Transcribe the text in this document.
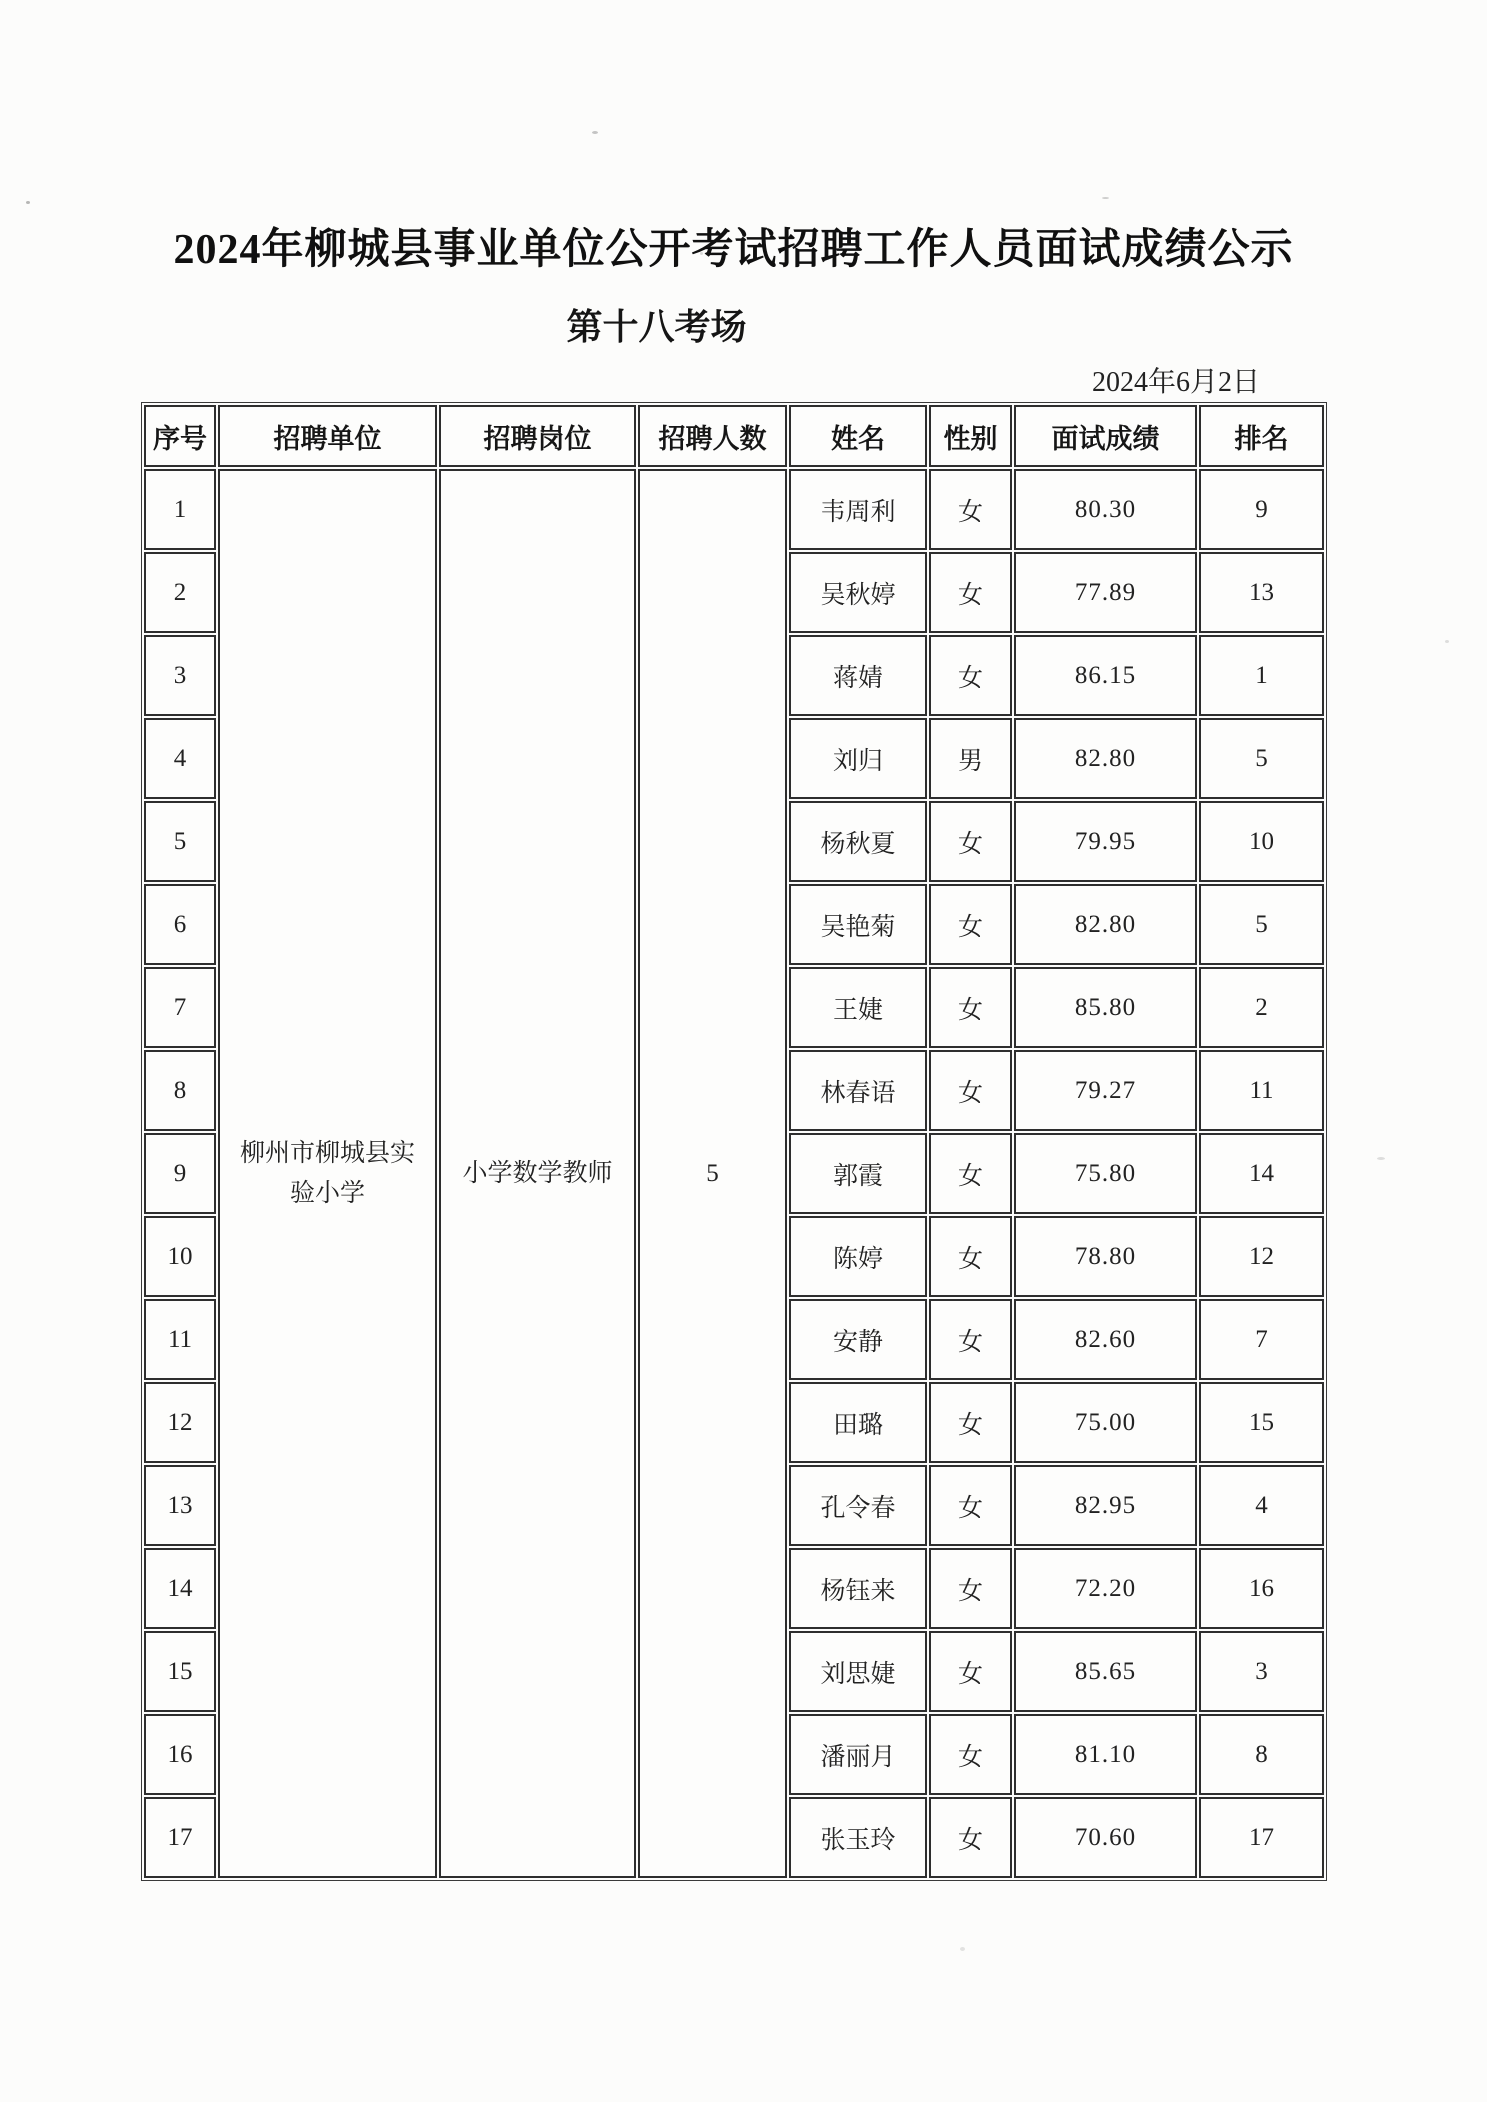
2024年柳城县事业单位公开考试招聘工作人员面试成绩公示
第十八考场
2024年6月2日
序号	招聘单位	招聘岗位	招聘人数	姓名	性别	面试成绩	排名
1	柳州市柳城县实验小学	小学数学教师	5	韦周利	女	80.30	9
2				吴秋婷	女	77.89	13
3				蒋婧	女	86.15	1
4				刘归	男	82.80	5
5				杨秋夏	女	79.95	10
6				吴艳菊	女	82.80	5
7				王婕	女	85.80	2
8				林春语	女	79.27	11
9				郭霞	女	75.80	14
10				陈婷	女	78.80	12
11				安静	女	82.60	7
12				田璐	女	75.00	15
13				孔令春	女	82.95	4
14				杨钰来	女	72.20	16
15				刘思婕	女	85.65	3
16				潘丽月	女	81.10	8
17				张玉玲	女	70.60	17
